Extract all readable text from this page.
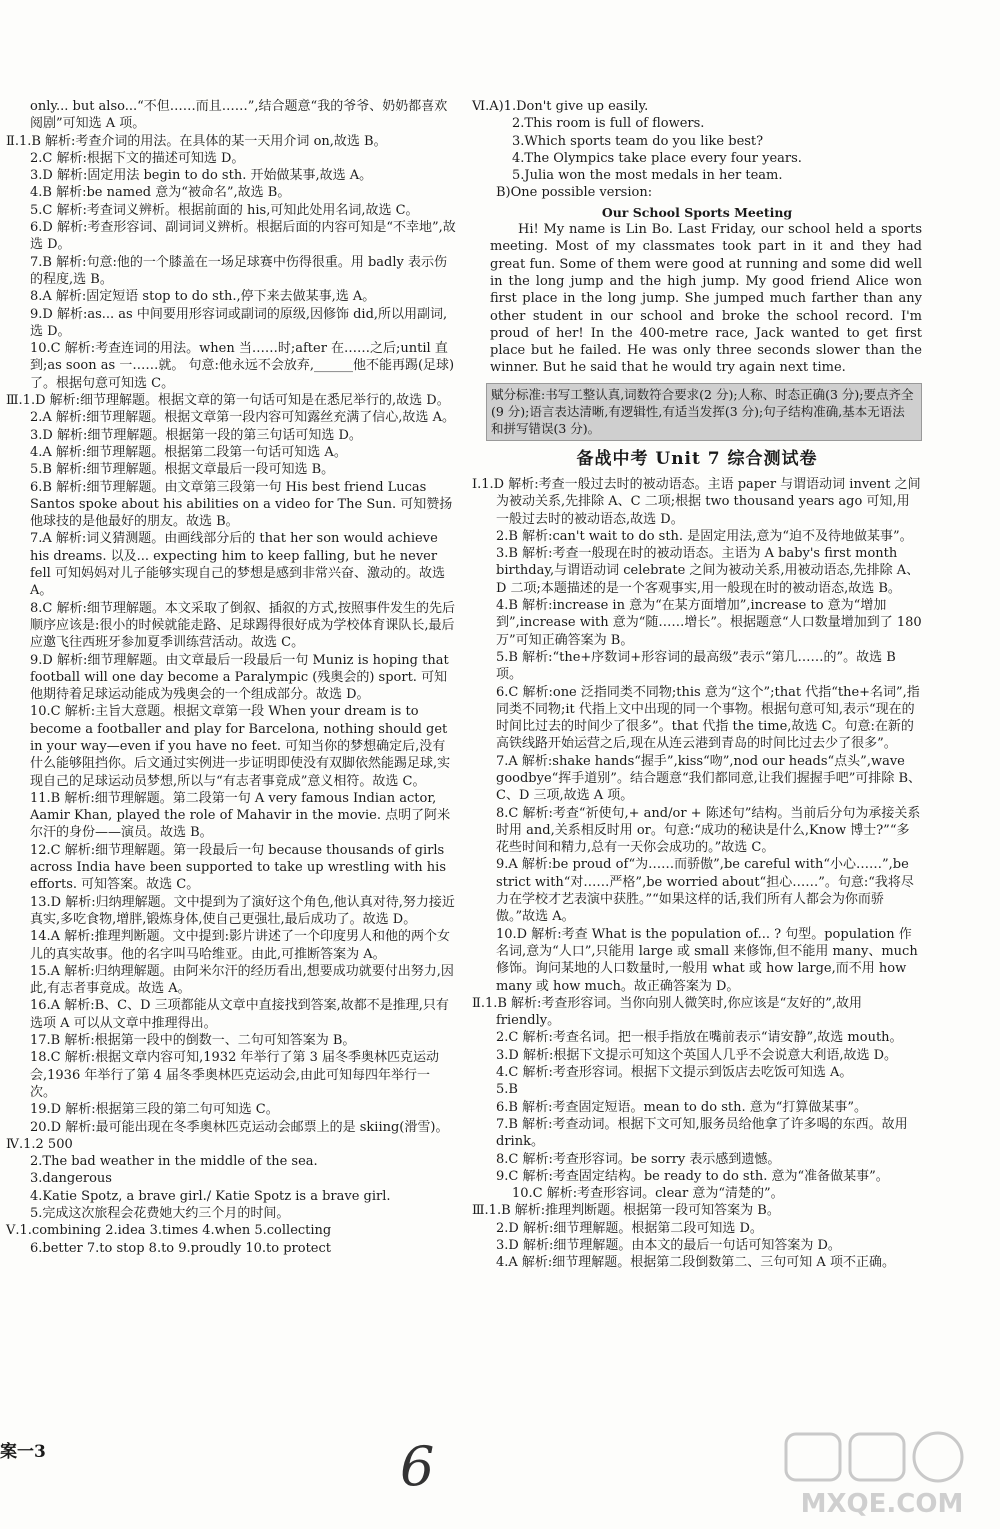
only... but also...“不但……而且……”,结合题意“我的爷爷、奶奶都喜欢阅剧”可知选 A 项。

Ⅱ.1.B 解析:考查介词的用法。在具体的某一天用介词 on,故选 B。

2.C 解析:根据下文的描述可知选 D。

3.D 解析:固定用法 begin to do sth. 开始做某事,故选 A。

4.B 解析:be named 意为“被命名”,故选 B。

5.C 解析:考查词义辨析。根据前面的 his,可知此处用名词,故选 C。

6.D 解析:考查形容词、副词词义辨析。根据后面的内容可知是“不幸地”,故选 D。

7.B 解析:句意:他的一个膝盖在一场足球赛中伤得很重。用 badly 表示伤的程度,选 B。

8.A 解析:固定短语 stop to do sth.,停下来去做某事,选 A。

9.D 解析:as... as 中间要用形容词或副词的原级,因修饰 did,所以用副词,选 D。

10.C 解析:考查连词的用法。when 当……时;after 在……之后;until 直到;as soon as 一……就。 句意:他永远不会放弃,______他不能再踢(足球)了。根据句意可知选 C。

Ⅲ.1.D 解析:细节理解题。根据文章的第一句话可知是在悉尼举行的,故选 D。

2.A 解析:细节理解题。根据文章第一段内容可知露丝充满了信心,故选 A。

3.D 解析:细节理解题。根据第一段的第三句话可知选 D。

4.A 解析:细节理解题。根据第二段第一句话可知选 A。

5.B 解析:细节理解题。根据文章最后一段可知选 B。

6.B 解析:细节理解题。由文章第三段第一句 His best friend Lucas Santos spoke about his abilities on a video for The Sun. 可知赞扬他球技的是他最好的朋友。故选 B。

7.A 解析:词义猜测题。由画线部分后的 that her son would achieve his dreams. 以及... expecting him to keep falling, but he never fell 可知妈妈对儿子能够实现自己的梦想是感到非常兴奋、激动的。故选 A。

8.C 解析:细节理解题。本文采取了倒叙、插叙的方式,按照事件发生的先后顺序应该是:很小的时候就能走路、足球踢得很好成为学校体育课队长,最后应邀飞往西班牙参加夏季训练营活动。故选 C。

9.D 解析:细节理解题。由文章最后一段最后一句 Muniz is hoping that football will one day become a Paralympic (残奥会的) sport. 可知他期待着足球运动能成为残奥会的一个组成部分。故选 D。

10.C 解析:主旨大意题。根据文章第一段 When your dream is to become a footballer and play for Barcelona, nothing should get in your way—even if you have no feet. 可知当你的梦想确定后,没有什么能够阻挡你。后文通过实例进一步证明即使没有双脚依然能踢足球,实现自己的足球运动员梦想,所以与“有志者事竟成”意义相符。故选 C。

11.B 解析:细节理解题。第二段第一句 A very famous Indian actor, Aamir Khan, played the role of Mahavir in the movie. 点明了阿米尔汗的身份——演员。故选 B。

12.C 解析:细节理解题。第一段最后一句 because thousands of girls across India have been supported to take up wrestling with his efforts. 可知答案。故选 C。

13.D 解析:归纳理解题。文中提到为了演好这个角色,他认真对待,努力接近真实,多吃食物,增胖,锻炼身体,使自己更强壮,最后成功了。故选 D。

14.A 解析:推理判断题。文中提到:影片讲述了一个印度男人和他的两个女儿的真实故事。他的名字叫马哈维亚。由此,可推断答案为 A。

15.A 解析:归纳理解题。由阿米尔汗的经历看出,想要成功就要付出努力,因此,有志者事竟成。故选 A。

16.A 解析:B、C、D 三项都能从文章中直接找到答案,故都不是推理,只有选项 A 可以从文章中推理得出。

17.B 解析:根据第一段中的倒数一、二句可知答案为 B。

18.C 解析:根据文章内容可知,1932 年举行了第 3 届冬季奥林匹克运动会,1936 年举行了第 4 届冬季奥林匹克运动会,由此可知每四年举行一次。

19.D 解析:根据第三段的第二句可知选 C。

20.D 解析:最可能出现在冬季奥林匹克运动会邮票上的是 skiing(滑雪)。

Ⅳ.1.2 500

2.The bad weather in the middle of the sea.

3.dangerous

4.Katie Spotz, a brave girl./ Katie Spotz is a brave girl.

5.完成这次旅程会花费她大约三个月的时间。

Ⅴ.1.combining 2.idea 3.times 4.when 5.collecting

6.better 7.to stop 8.to 9.proudly 10.to protect

Ⅵ.A)1.Don't give up easily.

2.This room is full of flowers.

3.Which sports team do you like best?

4.The Olympics take place every four years.

5.Julia won the most medals in her team.

B)One possible version:

Our School Sports Meeting

Hi! My name is Lin Bo. Last Friday, our school held a sports meeting. Most of my classmates took part in it and they had great fun. Some of them were good at running and some did well in the long jump and the high jump. My good friend Alice won first place in the long jump. She jumped much farther than any other student in our school and broke the school record. I'm proud of her! In the 400-metre race, Jack wanted to get first place but he failed. He was only three seconds slower than the winner. But he said that he would try again next time.

赋分标准:书写工整认真,词数符合要求(2 分);人称、时态正确(3 分);要点齐全(9 分);语言表达清晰,有逻辑性,有适当发挥(3 分);句子结构准确,基本无语法和拼写错误(3 分)。
备战中考 Unit 7 综合测试卷

Ⅰ.1.D 解析:考查一般过去时的被动语态。主语 paper 与谓语动词 invent 之间为被动关系,先排除 A、C 二项;根据 two thousand years ago 可知,用一般过去时的被动语态,故选 D。

2.B 解析:can't wait to do sth. 是固定用法,意为“迫不及待地做某事”。

3.B 解析:考查一般现在时的被动语态。主语为 A baby's first month birthday,与谓语动词 celebrate 之间为被动关系,用被动语态,先排除 A、D 二项;本题描述的是一个客观事实,用一般现在时的被动语态,故选 B。

4.B 解析:increase in 意为“在某方面增加”,increase to 意为“增加到”,increase with 意为“随……增长”。根据题意“人口数量增加到了 180 万”可知正确答案为 B。

5.B 解析:“the+序数词+形容词的最高级”表示“第几……的”。故选 B 项。

6.C 解析:one 泛指同类不同物;this 意为“这个”;that 代指“the+名词”,指同类不同物;it 代指上文中出现的同一个事物。根据句意可知,表示“现在的时间比过去的时间少了很多”。that 代指 the time,故选 C。句意:在新的高铁线路开始运营之后,现在从连云港到青岛的时间比过去少了很多”。

7.A 解析:shake hands“握手”,kiss“吻”,nod our heads“点头”,wave goodbye“挥手道别”。结合题意“我们都同意,让我们握握手吧”可排除 B、C、D 三项,故选 A 项。

8.C 解析:考查“祈使句,+ and/or + 陈述句”结构。当前后分句为承接关系时用 and,关系相反时用 or。句意:“成功的秘诀是什么,Know 博士?”“多花些时间和精力,总有一天你会成功的。”故选 C。

9.A 解析:be proud of“为……而骄傲”,be careful with“小心……”,be strict with“对……严格”,be worried about“担心……”。句意:“我将尽力在学校才艺表演中获胜。”“如果这样的话,我们所有人都会为你而骄傲。”故选 A。

10.D 解析:考查 What is the population of... ? 句型。population 作名词,意为“人口”,只能用 large 或 small 来修饰,但不能用 many、much 修饰。询问某地的人口数量时,一般用 what 或 how large,而不用 how many 或 how much。故正确答案为 D。

Ⅱ.1.B 解析:考查形容词。当你向别人微笑时,你应该是“友好的”,故用 friendly。

2.C 解析:考查名词。把一根手指放在嘴前表示“请安静”,故选 mouth。

3.D 解析:根据下文提示可知这个英国人几乎不会说意大利语,故选 D。

4.C 解析:考查形容词。根据下文提示到饭店去吃饭可知选 A。

5.B

6.B 解析:考查固定短语。mean to do sth. 意为“打算做某事”。

7.B 解析:考查动词。根据下文可知,服务员给他拿了许多喝的东西。故用 drink。

8.C 解析:考查形容词。be sorry 表示感到遗憾。

9.C 解析:考查固定结构。be ready to do sth. 意为“准备做某事”。

10.C 解析:考查形容词。clear 意为“清楚的”。

Ⅲ.1.B 解析:推理判断题。根据第一段可知答案为 B。

2.D 解析:细节理解题。根据第二段可知选 D。

3.D 解析:细节理解题。由本文的最后一句话可知答案为 D。

4.A 解析:细节理解题。根据第二段倒数第二、三句可知 A 项不正确。

案一3	6
MXQE.COM
